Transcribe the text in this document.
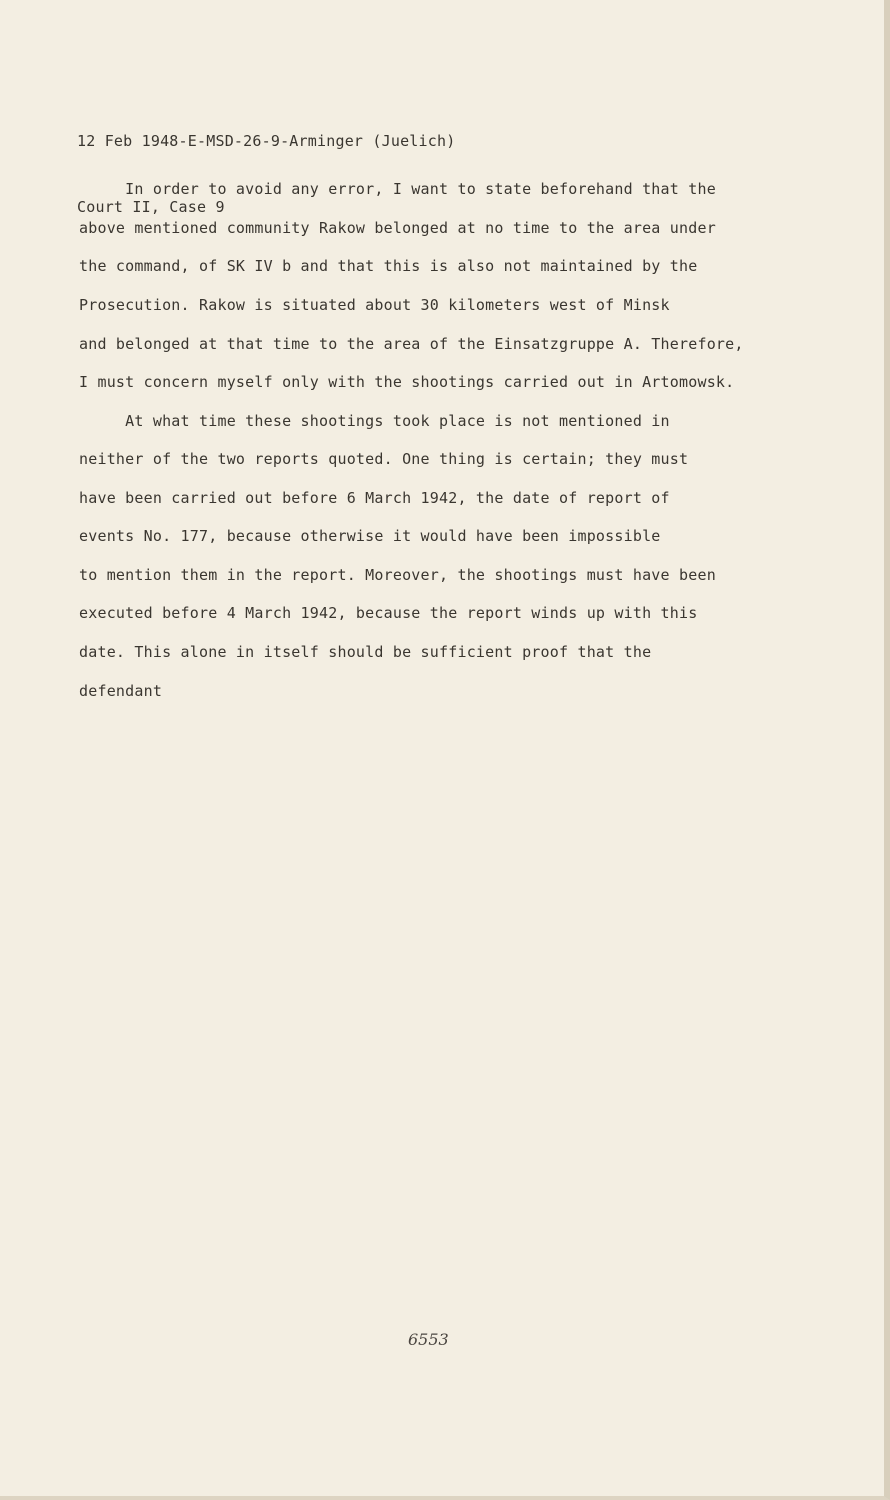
12 Feb 1948-E-MSD-26-9-Arminger (Juelich)

Court II, Case 9

In order to avoid any error, I want to state beforehand that the

above mentioned community Rakow belonged at no time to the area under

the command, of SK IV b and that this is also not maintained by the

Prosecution. Rakow is situated about 30 kilometers west of Minsk

and belonged at that time to the area of the Einsatzgruppe A. Therefore,

I must concern myself only with the shootings carried out in Artomowsk.

At what time these shootings took place is not mentioned in

neither of the two reports quoted. One thing is certain; they must

have been carried out before 6 March 1942, the date of report of

events No. 177, because otherwise it would have been impossible

to mention them in the report. Moreover, the shootings must have been

executed before 4 March 1942, because the report winds up with this

date. This alone in itself should be sufficient proof that the

defendant

6553
